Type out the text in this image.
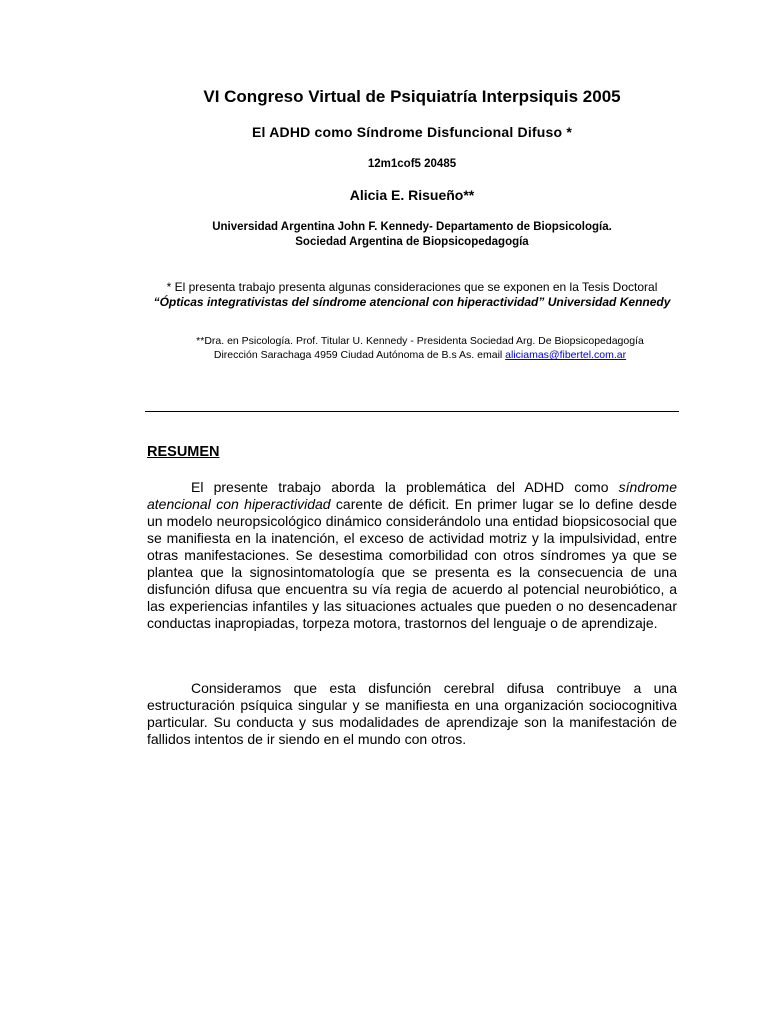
VI Congreso Virtual de Psiquiatría Interpsiquis 2005
El ADHD como Síndrome Disfuncional Difuso *
12m1cof5 20485
Alicia E. Risueño**
Universidad Argentina John F. Kennedy- Departamento de Biopsicología.
Sociedad Argentina de Biopsicopedagogía
* El presenta trabajo presenta algunas consideraciones que se exponen en la Tesis Doctoral “Ópticas integrativistas del síndrome atencional con hiperactividad” Universidad Kennedy
**Dra. en Psicología. Prof. Titular U. Kennedy - Presidenta Sociedad Arg. De Biopsicopedagogía
Dirección Sarachaga 4959 Ciudad Autónoma de B.s As. email aliciamas@fibertel.com.ar
RESUMEN

El presente trabajo aborda la problemática del ADHD como síndrome atencional con hiperactividad carente de déficit. En primer lugar se lo define desde un modelo neuropsicológico dinámico considerándolo una entidad biopsicosocial que se manifiesta en la inatención, el exceso de actividad motriz y la impulsividad, entre otras manifestaciones. Se desestima comorbilidad con otros síndromes ya que se plantea que la signosintomatología que se presenta es la consecuencia de una disfunción difusa que encuentra su vía regia de acuerdo al potencial neurobiótico, a las experiencias infantiles y las situaciones actuales que pueden o no desencadenar conductas inapropiadas, torpeza motora, trastornos del lenguaje o de aprendizaje.

Consideramos que esta disfunción cerebral difusa contribuye a una estructuración psíquica singular y se manifiesta en una organización sociocognitiva particular. Su conducta y sus modalidades de aprendizaje son la manifestación de fallidos intentos de ir siendo en el mundo con otros.
